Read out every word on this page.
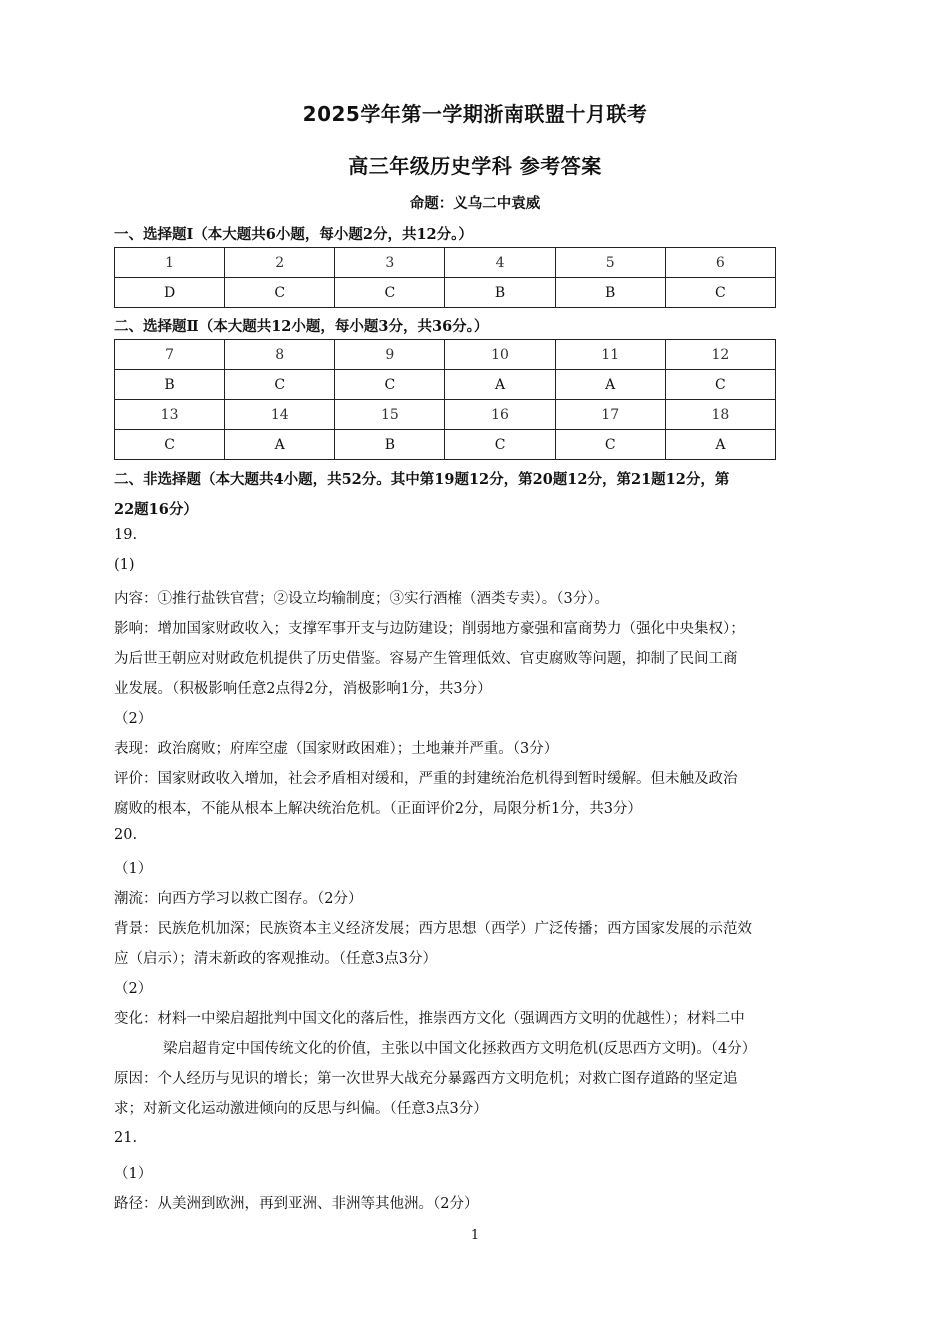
2025学年第一学期浙南联盟十月联考
高三年级历史学科 参考答案
命题：义乌二中袁威
一、选择题Ⅰ（本大题共6小题，每小题2分，共12分。）
1	2	3	4	5	6
D	C	C	B	B	C
二、选择题Ⅱ（本大题共12小题，每小题3分，共36分。）
7	8	9	10	11	12
B	C	C	A	A	C
13	14	15	16	17	18
C	A	B	C	C	A
二、非选择题（本大题共4小题，共52分。其中第19题12分，第20题12分，第21题12分，第
22题16分）
19.
(1)
内容：①推行盐铁官营；②设立均输制度；③实行酒榷（酒类专卖）。（3分）。
影响：增加国家财政收入；支撑军事开支与边防建设；削弱地方豪强和富商势力（强化中央集权）；
为后世王朝应对财政危机提供了历史借鉴。容易产生管理低效、官吏腐败等问题，抑制了民间工商
业发展。（积极影响任意2点得2分，消极影响1分，共3分）
（2）
表现：政治腐败；府库空虚（国家财政困难）；土地兼并严重。（3分）
评价：国家财政收入增加，社会矛盾相对缓和，严重的封建统治危机得到暂时缓解。但未触及政治
腐败的根本，不能从根本上解决统治危机。（正面评价2分，局限分析1分，共3分）
20.
（1）
潮流：向西方学习以救亡图存。（2分）
背景：民族危机加深；民族资本主义经济发展；西方思想（西学）广泛传播；西方国家发展的示范效
应（启示）；清末新政的客观推动。（任意3点3分）
（2）
变化：材料一中梁启超批判中国文化的落后性，推崇西方文化（强调西方文明的优越性）；材料二中
梁启超肯定中国传统文化的价值，主张以中国文化拯救西方文明危机(反思西方文明)。（4分）
原因：个人经历与见识的增长；第一次世界大战充分暴露西方文明危机；对救亡图存道路的坚定追
求；对新文化运动激进倾向的反思与纠偏。（任意3点3分）
21.
（1）
路径：从美洲到欧洲，再到亚洲、非洲等其他洲。（2分）
1
